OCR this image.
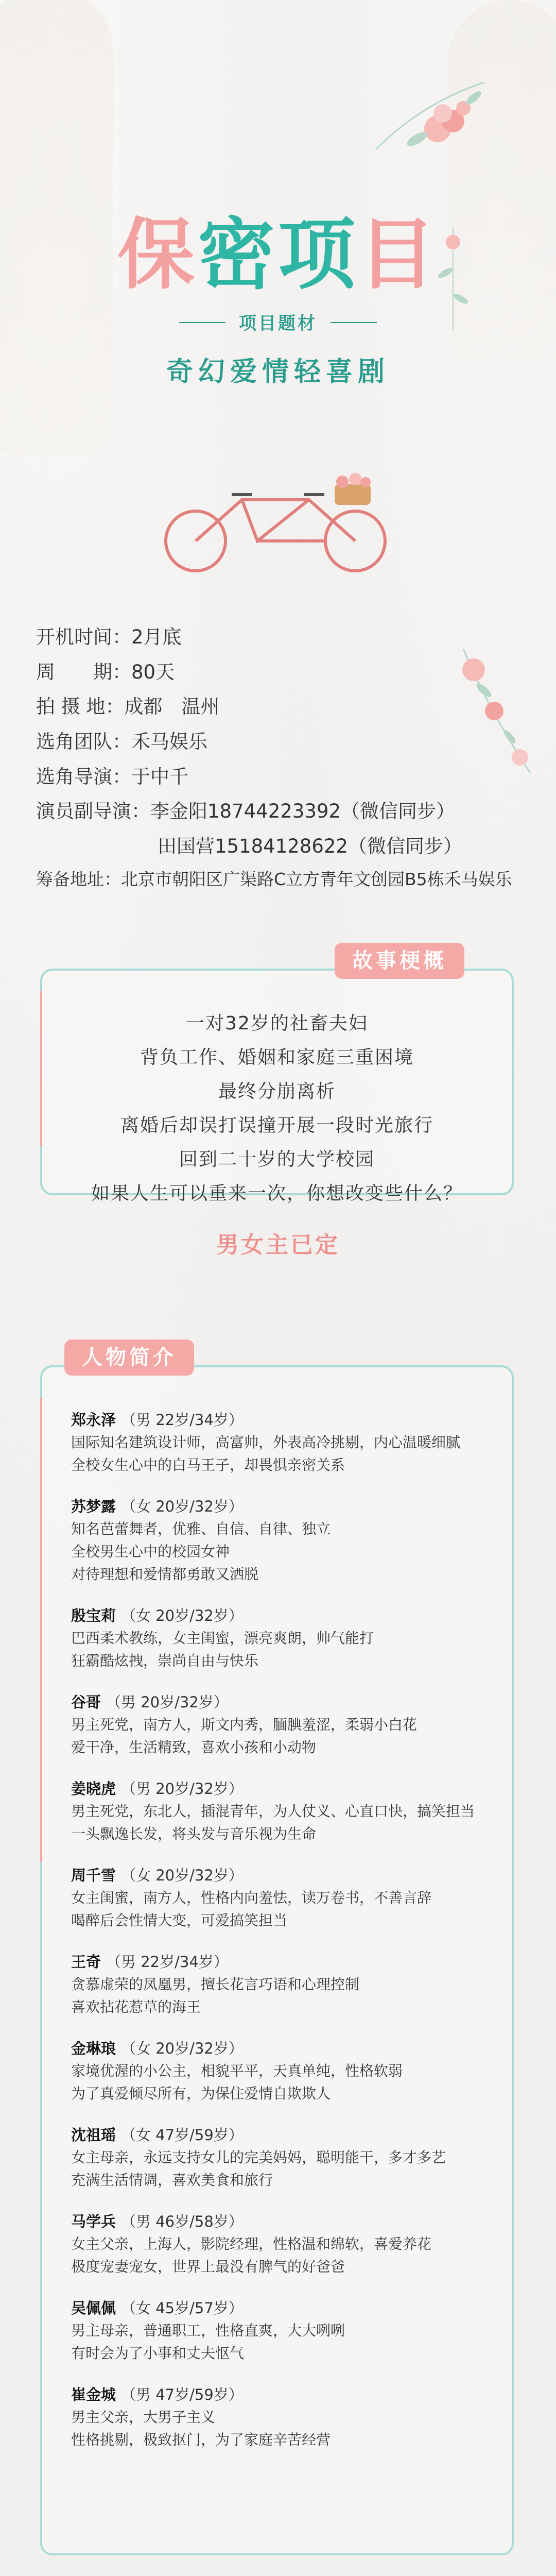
保密项目
项目题材
奇幻爱情轻喜剧
开机时间： 2月底
周　　期： 80天
拍 摄 地： 成都　温州
选角团队： 禾马娱乐
选角导演： 于中千
演员副导演： 李金阳18744223392（微信同步）
田国营15184128622（微信同步）
筹备地址： 北京市朝阳区广渠路C立方青年文创园B5栋禾马娱乐
一对32岁的社畜夫妇
背负工作、婚姻和家庭三重困境
最终分崩离析
离婚后却误打误撞开展一段时光旅行
回到二十岁的大学校园
如果人生可以重来一次，你想改变些什么？
故事梗概
男女主已定
郑永泽 （男 22岁/34岁）
国际知名建筑设计师，高富帅，外表高冷挑剔，内心温暖细腻
全校女生心中的白马王子，却畏惧亲密关系
苏梦露 （女 20岁/32岁）
知名芭蕾舞者，优雅、自信、自律、独立
全校男生心中的校园女神
对待理想和爱情都勇敢又洒脱
殷宝莉 （女 20岁/32岁）
巴西柔术教练，女主闺蜜，漂亮爽朗，帅气能打
狂霸酷炫拽，崇尚自由与快乐
谷哥 （男 20岁/32岁）
男主死党，南方人，斯文内秀，腼腆羞涩，柔弱小白花
爱干净，生活精致，喜欢小孩和小动物
姜晓虎 （男 20岁/32岁）
男主死党，东北人，插混青年，为人仗义、心直口快，搞笑担当
一头飘逸长发，将头发与音乐视为生命
周千雪 （女 20岁/32岁）
女主闺蜜，南方人，性格内向羞怯，读万卷书，不善言辞
喝醉后会性情大变，可爱搞笑担当
王奇 （男 22岁/34岁）
贪慕虚荣的凤凰男，擅长花言巧语和心理控制
喜欢拈花惹草的海王
金琳琅 （女 20岁/32岁）
家境优渥的小公主，相貌平平，天真单纯，性格软弱
为了真爱倾尽所有，为保住爱情自欺欺人
沈祖瑶 （女 47岁/59岁）
女主母亲，永远支持女儿的完美妈妈，聪明能干，多才多艺
充满生活情调，喜欢美食和旅行
马学兵 （男 46岁/58岁）
女主父亲，上海人，影院经理，性格温和绵软，喜爱养花
极度宠妻宠女，世界上最没有脾气的好爸爸
吴佩佩 （女 45岁/57岁）
男主母亲，普通职工，性格直爽，大大咧咧
有时会为了小事和丈夫怄气
崔金城 （男 47岁/59岁）
男主父亲，大男子主义
性格挑剔，极致抠门，为了家庭辛苦经营
人物简介
